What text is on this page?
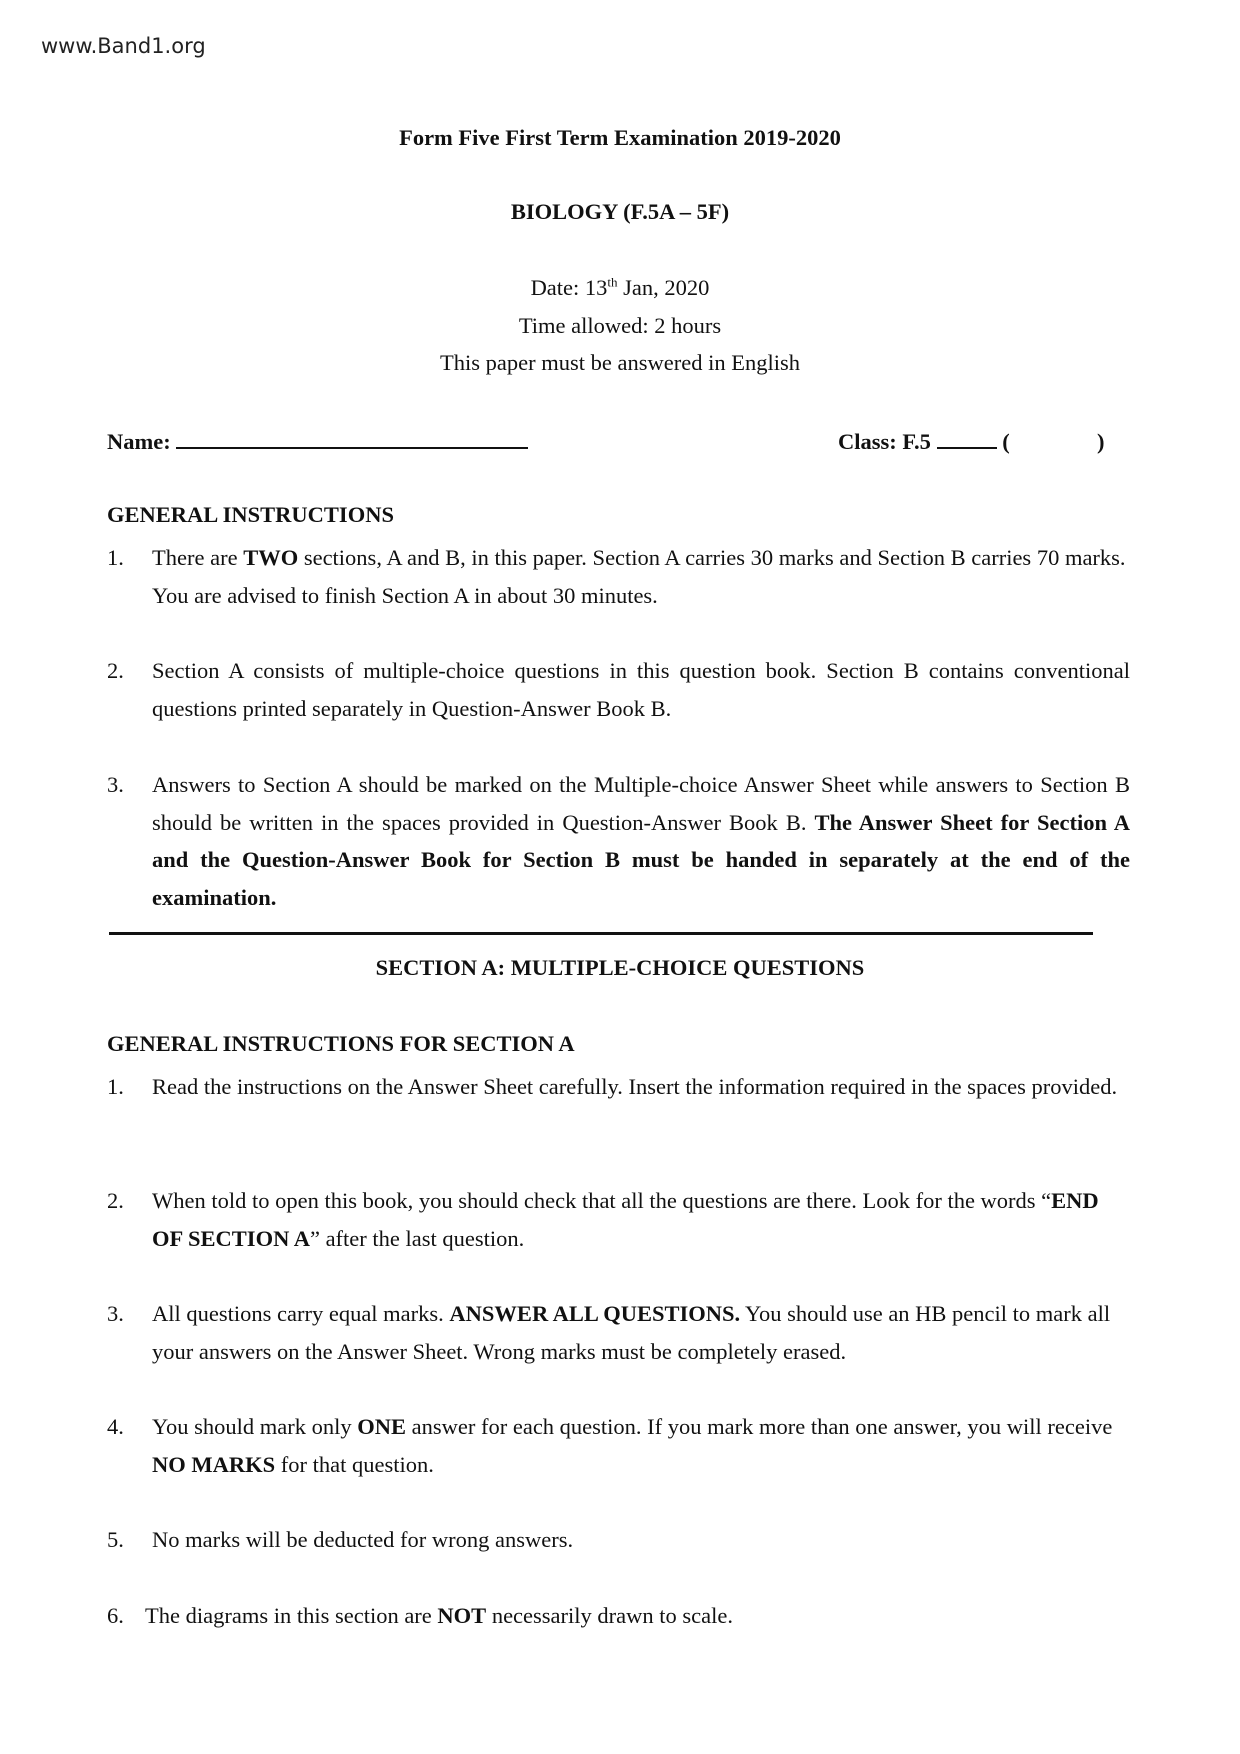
www.Band1.org
Form Five First Term Examination 2019-2020
BIOLOGY (F.5A – 5F)
Date: 13th Jan, 2020
Time allowed: 2 hours
This paper must be answered in English
Name:	Class: F.5	(	)
GENERAL INSTRUCTIONS
1. There are TWO sections, A and B, in this paper. Section A carries 30 marks and Section B carries 70 marks. You are advised to finish Section A in about 30 minutes.
2. Section A consists of multiple-choice questions in this question book. Section B contains conventional questions printed separately in Question-Answer Book B.
3. Answers to Section A should be marked on the Multiple-choice Answer Sheet while answers to Section B should be written in the spaces provided in Question-Answer Book B. The Answer Sheet for Section A and the Question-Answer Book for Section B must be handed in separately at the end of the examination.
SECTION A: MULTIPLE-CHOICE QUESTIONS
GENERAL INSTRUCTIONS FOR SECTION A
1. Read the instructions on the Answer Sheet carefully. Insert the information required in the spaces provided.
2. When told to open this book, you should check that all the questions are there. Look for the words “END OF SECTION A” after the last question.
3. All questions carry equal marks. ANSWER ALL QUESTIONS. You should use an HB pencil to mark all your answers on the Answer Sheet. Wrong marks must be completely erased.
4. You should mark only ONE answer for each question. If you mark more than one answer, you will receive NO MARKS for that question.
5. No marks will be deducted for wrong answers.
6. The diagrams in this section are NOT necessarily drawn to scale.
